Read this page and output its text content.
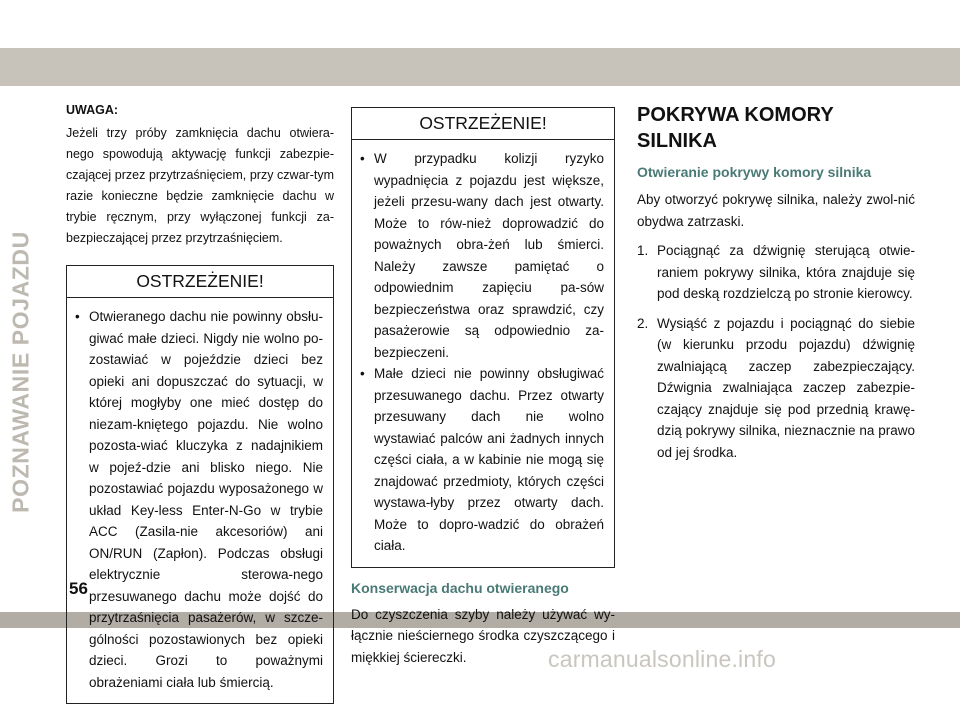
POZNAWANIE POJAZDU

UWAGA:

Jeżeli trzy próby zamknięcia dachu otwiera-nego spowodują aktywację funkcji zabezpie-czającej przez przytrzaśnięciem, przy czwar-tym razie konieczne będzie zamknięcie dachu w trybie ręcznym, przy wyłączonej funkcji za-bezpieczającej przez przytrzaśnięciem.

OSTRZEŻENIE!
• Otwieranego dachu nie powinny obsłu-giwać małe dzieci. Nigdy nie wolno po-zostawiać w pojeździe dzieci bez opieki ani dopuszczać do sytuacji, w której mogłyby one mieć dostęp do niezam-kniętego pojazdu. Nie wolno pozosta-wiać kluczyka z nadajnikiem w pojeź-dzie ani blisko niego. Nie pozostawiać pojazdu wyposażonego w układ Key-less Enter-N-Go w trybie ACC (Zasila-nie akcesoriów) ani ON/RUN (Zapłon). Podczas obsługi elektrycznie sterowa-nego przesuwanego dachu może dojść do przytrzaśnięcia pasażerów, w szcze-gólności pozostawionych bez opieki dzieci. Grozi to poważnymi obrażeniami ciała lub śmiercią.
OSTRZEŻENIE!
• W przypadku kolizji ryzyko wypadnięcia z pojazdu jest większe, jeżeli przesu-wany dach jest otwarty. Może to rów-nież doprowadzić do poważnych obra-żeń lub śmierci. Należy zawsze pamiętać o odpowiednim zapięciu pa-sów bezpieczeństwa oraz sprawdzić, czy pasażerowie są odpowiednio za-bezpieczeni.
• Małe dzieci nie powinny obsługiwać przesuwanego dachu. Przez otwarty przesuwany dach nie wolno wystawiać palców ani żadnych innych części ciała, a w kabinie nie mogą się znajdować przedmioty, których części wystawa-łyby przez otwarty dach. Może to dopro-wadzić do obrażeń ciała.

Konserwacja dachu otwieranego

Do czyszczenia szyby należy używać wy-łącznie nieściernego środka czyszczącego i miękkiej ściereczki.

POKRYWA KOMORY

SILNIKA

Otwieranie pokrywy komory silnika

Aby otworzyć pokrywę silnika, należy zwol-nić obydwa zatrzaski.

1. Pociągnąć za dźwignię sterującą otwie-raniem pokrywy silnika, która znajduje się pod deską rozdzielczą po stronie kierowcy.
2. Wysiąść z pojazdu i pociągnąć do siebie (w kierunku przodu pojazdu) dźwignię zwalniającą zaczep zabezpieczający. Dźwignia zwalniająca zaczep zabezpie-czający znajduje się pod przednią krawę-dzią pokrywy silnika, nieznacznie na prawo od jej środka.
56
carmanualsonline.info
